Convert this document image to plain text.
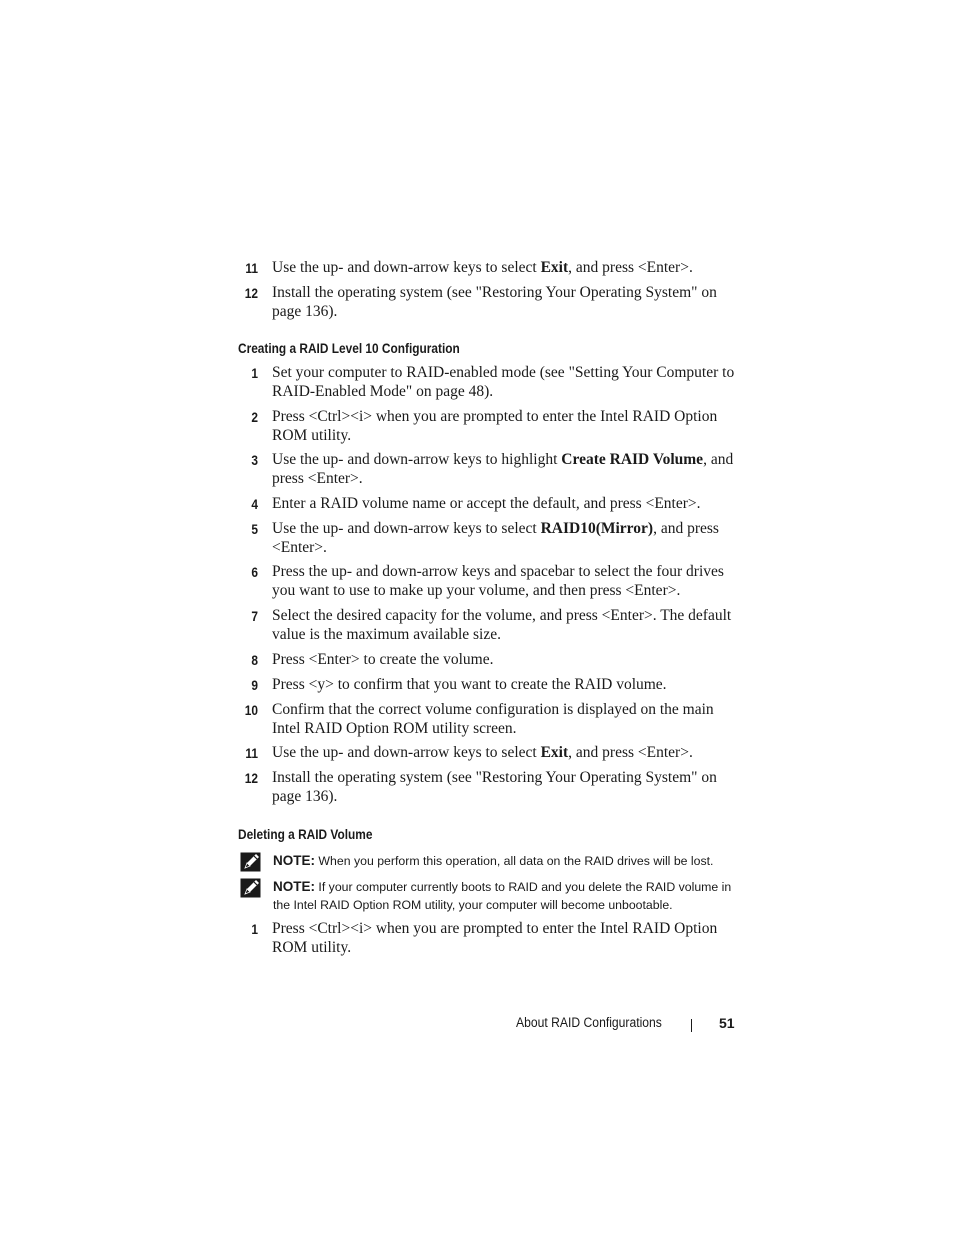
11 Use the up- and down-arrow keys to select Exit, and press <Enter>.
12 Install the operating system (see "Restoring Your Operating System" on page 136).
Creating a RAID Level 10 Configuration
1 Set your computer to RAID-enabled mode (see "Setting Your Computer to RAID-Enabled Mode" on page 48).
2 Press <Ctrl><i> when you are prompted to enter the Intel RAID Option ROM utility.
3 Use the up- and down-arrow keys to highlight Create RAID Volume, and press <Enter>.
4 Enter a RAID volume name or accept the default, and press <Enter>.
5 Use the up- and down-arrow keys to select RAID10(Mirror), and press <Enter>.
6 Press the up- and down-arrow keys and spacebar to select the four drives you want to use to make up your volume, and then press <Enter>.
7 Select the desired capacity for the volume, and press <Enter>. The default value is the maximum available size.
8 Press <Enter> to create the volume.
9 Press <y> to confirm that you want to create the RAID volume.
10 Confirm that the correct volume configuration is displayed on the main Intel RAID Option ROM utility screen.
11 Use the up- and down-arrow keys to select Exit, and press <Enter>.
12 Install the operating system (see "Restoring Your Operating System" on page 136).
Deleting a RAID Volume
NOTE: When you perform this operation, all data on the RAID drives will be lost.
NOTE: If your computer currently boots to RAID and you delete the RAID volume in the Intel RAID Option ROM utility, your computer will become unbootable.
1 Press <Ctrl><i> when you are prompted to enter the Intel RAID Option ROM utility.
About RAID Configurations	51
